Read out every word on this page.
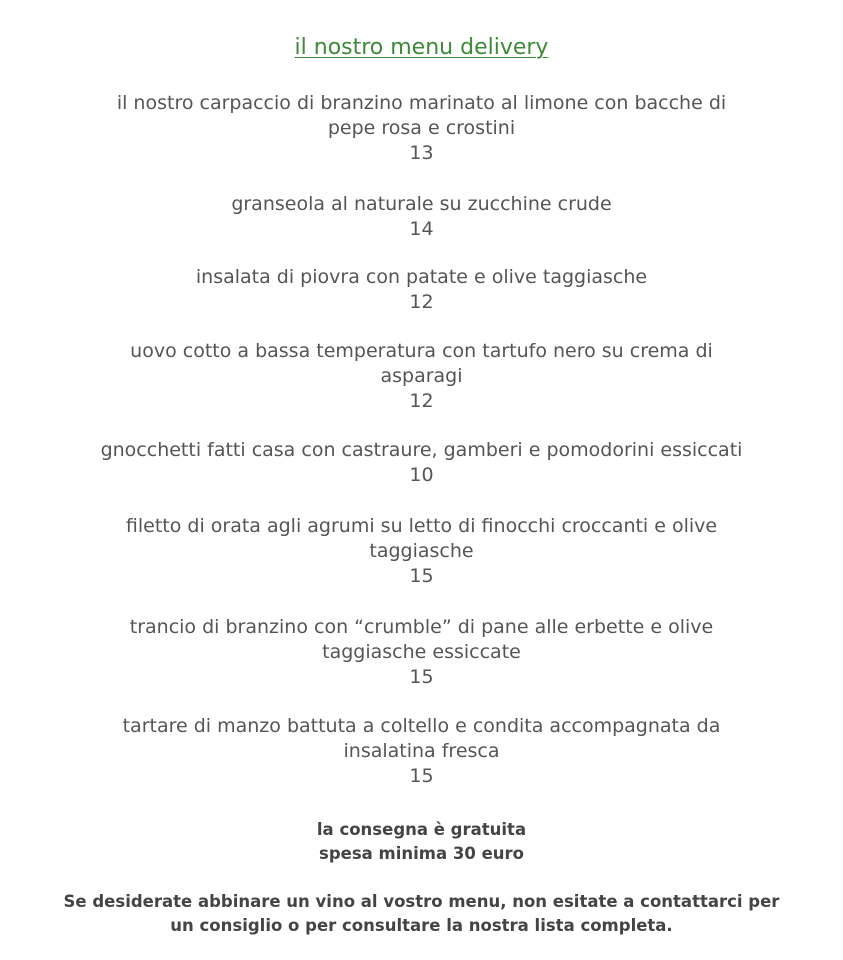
il nostro menu delivery
il nostro carpaccio di branzino marinato al limone con bacche di
pepe rosa e crostini
13
granseola al naturale su zucchine crude
14
insalata di piovra con patate e olive taggiasche
12
uovo cotto a bassa temperatura con tartufo nero su crema di
asparagi
12
gnocchetti fatti casa con castraure, gamberi e pomodorini essiccati
10
filetto di orata agli agrumi su letto di finocchi croccanti e olive
taggiasche
15
trancio di branzino con “crumble” di pane alle erbette e olive
taggiasche essiccate
15
tartare di manzo battuta a coltello e condita accompagnata da
insalatina fresca
15
la consegna è gratuita
spesa minima 30 euro
Se desiderate abbinare un vino al vostro menu, non esitate a contattarci per
un consiglio o per consultare la nostra lista completa.
